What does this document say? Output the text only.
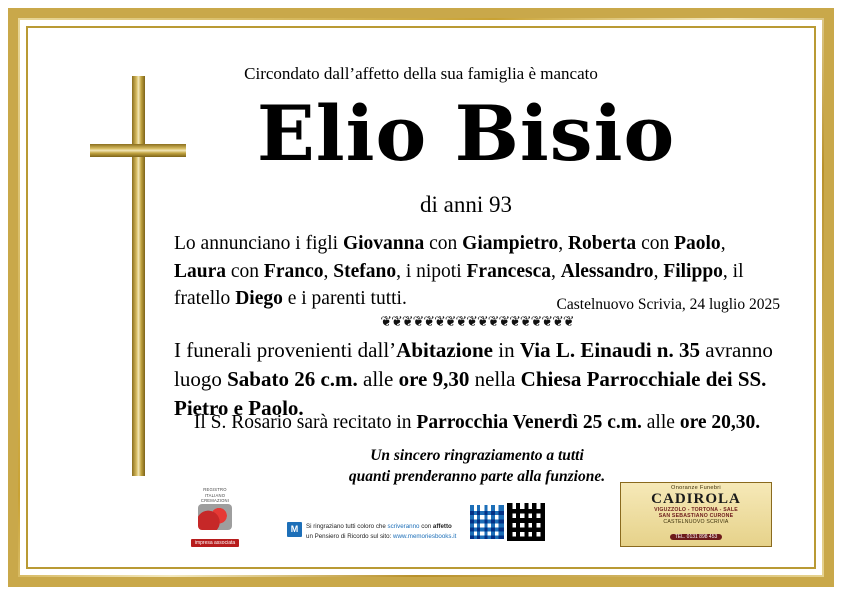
Circondato dall’affetto della sua famiglia è mancato
Elio Bisio
di anni 93
Lo annunciano i figli Giovanna con Giampietro, Roberta con Paolo, Laura con Franco, Stefano, i nipoti Francesca, Alessandro, Filippo, il fratello Diego e i parenti tutti.	Castelnuovo Scrivia, 24 luglio 2025
❦❦❦❦❦❦❦❦❦❦❦❦❦❦❦❦❦❦
I funerali provenienti dall’Abitazione in Via L. Einaudi n. 35 avranno luogo Sabato 26 c.m. alle ore 9,30 nella Chiesa Parrocchiale dei SS. Pietro e Paolo.
Il S. Rosario sarà recitato in Parrocchia Venerdì 25 c.m. alle ore 20,30.
Un sincero ringraziamento a tutti
quanti prenderanno parte alla funzione.
REGISTRO
ITALIANO
CREMAZIONI
impresa associata
M	Si ringraziano tutti coloro che scriveranno con affetto
un Pensiero di Ricordo sul sito: www.memoriesbooks.it
Onoranze Funebri
CADIROLA
VIGUZZOLO - TORTONA - SALE
SAN SEBASTIANO CURONE
CASTELNUOVO SCRIVIA
TEL. 0131 898 453
